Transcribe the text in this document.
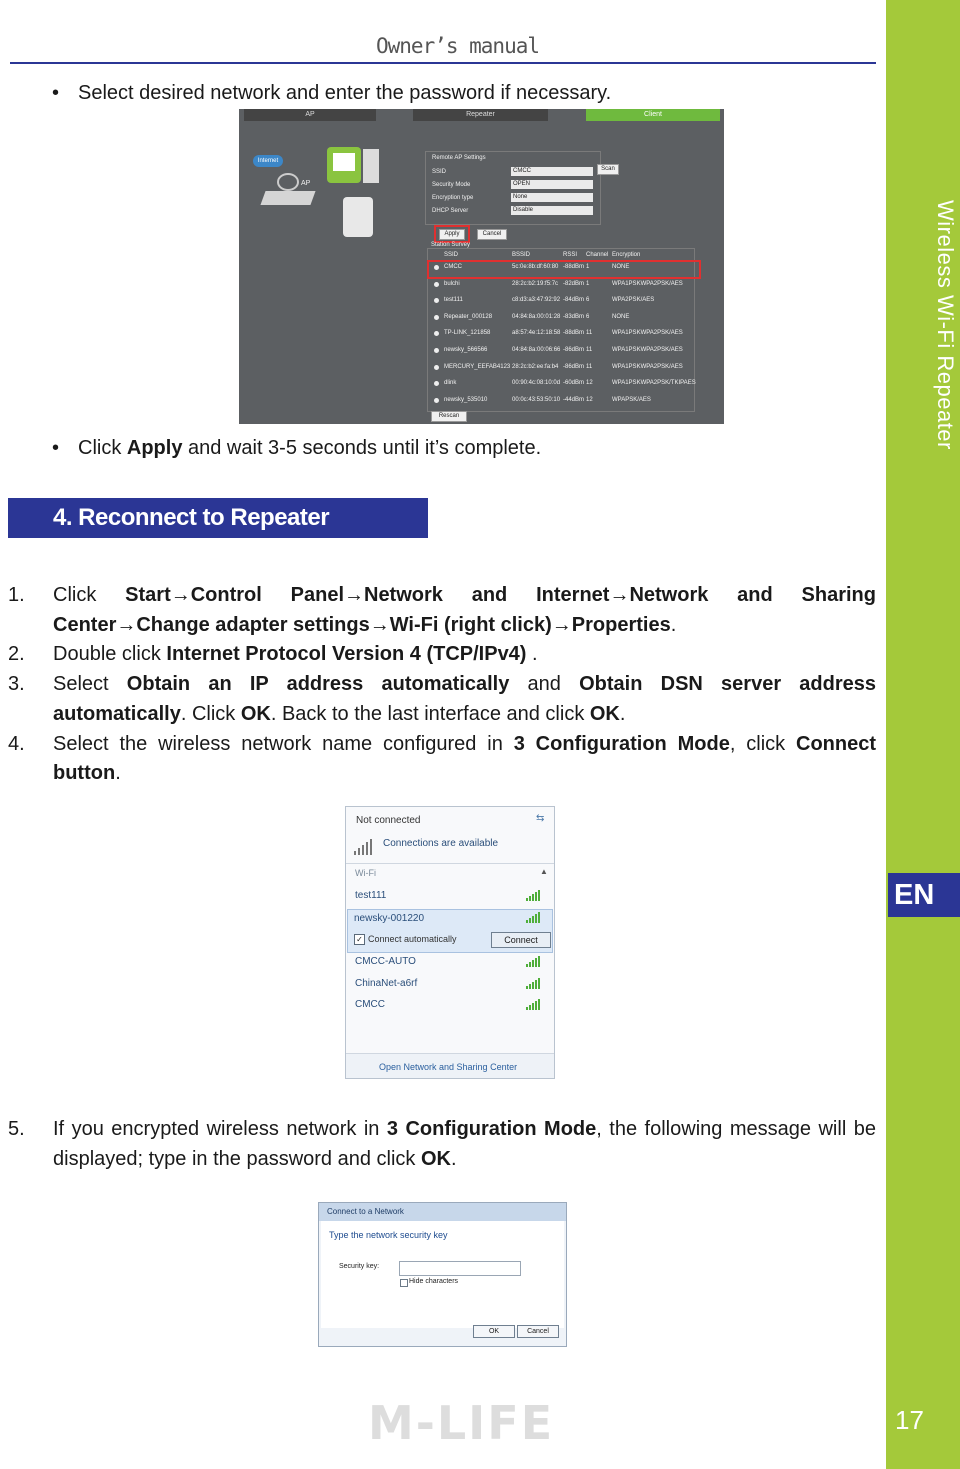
Wireless Wi-Fi Repeater
EN
17
Owner’s manual
• Select desired network and enter the password if necessary.
AP	Repeater	Client
Internet
AP
Remote AP Settings
SSID	CMCC
Security Mode	OPEN
Encryption type	None
DHCP Server	Disable
Scan
Apply	Cancel
Station Survey
SSID	BSSID	RSSI Channel Encryption
CMCC	5c:0e:8b:df:60:80 -88dBm 1	NONE
bulchi	28:2c:b2:19:f5:7c -82dBm 1	WPA1PSKWPA2PSK/AES
test111	c8:d3:a3:47:92:92 -84dBm 6	WPA2PSK/AES
Repeater_000128	04:84:8a:00:01:28 -83dBm 6	NONE
TP-LINK_121858	a8:57:4e:12:18:58 -88dBm 11	WPA1PSKWPA2PSK/AES
newsky_566566	04:84:8a:00:06:66 -86dBm 11	WPA1PSKWPA2PSK/AES
MERCURY_EEFAB4123 28:2c:b2:ee:fa:b4 -86dBm 11	WPA1PSKWPA2PSK/AES
dlink	00:90:4c:08:10:0d -60dBm 12	WPA1PSKWPA2PSK/TKIPAES
newsky_535010	00:0c:43:53:50:10 -44dBm 12	WPAPSK/AES
Rescan
• Click Apply and wait 3-5 seconds until it’s complete.
4. Reconnect to Repeater
1.	Click Start→Control Panel→Network and Internet→Network and Sharing Center→Change adapter settings→Wi-Fi (right click)→Properties.
2.	Double click Internet Protocol Version 4 (TCP/IPv4) .
3.	Select Obtain an IP address automatically and Obtain DSN server address automatically. Click OK. Back to the last interface and click OK.
4.	Select the wireless network name configured in 3 Configuration Mode, click Connect button.
Not connected	⇆
Connections are available
Wi-Fi	▲
test111
newsky-001220
✓ Connect automatically	Connect
CMCC-AUTO
ChinaNet-a6rf
CMCC
Open Network and Sharing Center
5.	If you encrypted wireless network in 3 Configuration Mode, the following message will be displayed; type in the password and click OK.
Connect to a Network
Type the network security key
Security key:
Hide characters
OK	Cancel
M-LIFE
